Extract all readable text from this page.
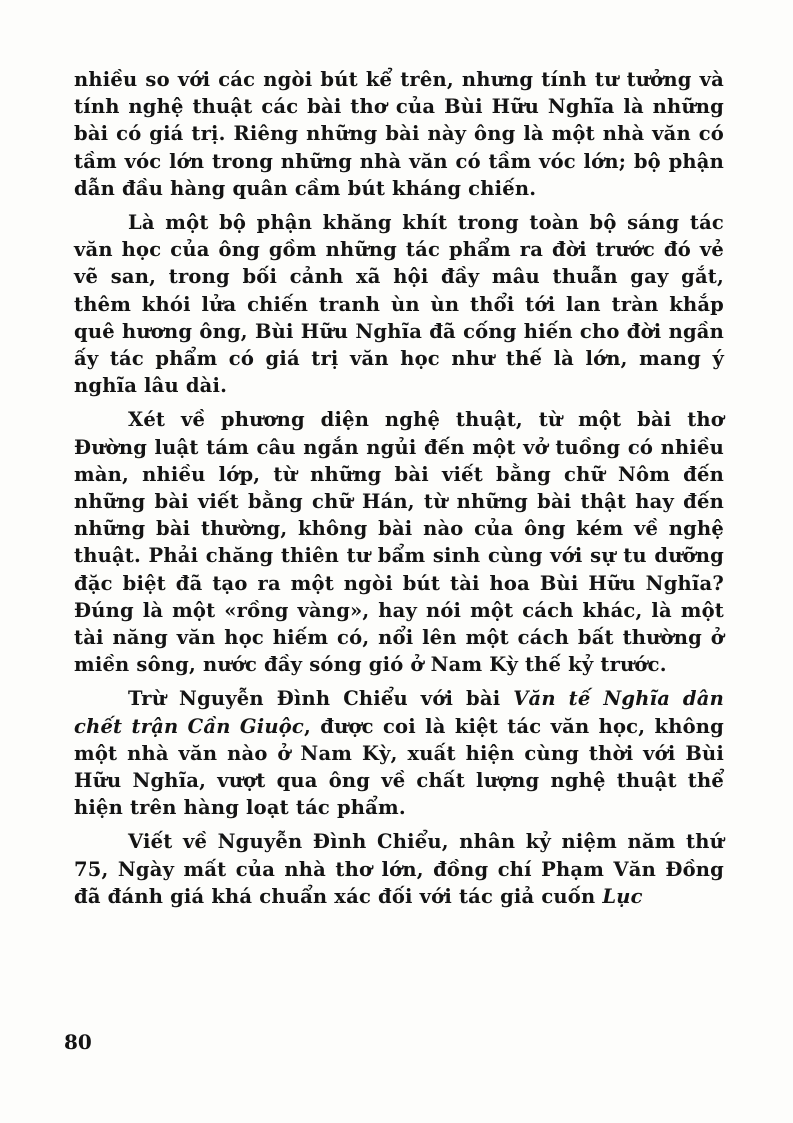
nhiều so với các ngòi bút kể trên, nhưng tính tư tưởng và tính nghệ thuật các bài thơ của Bùi Hữu Nghĩa là những bài có giá trị. Riêng những bài này ông là một nhà văn có tầm vóc lớn trong những nhà văn có tầm vóc lớn; bộ phận dẫn đầu hàng quân cầm bút kháng chiến.

Là một bộ phận khăng khít trong toàn bộ sáng tác văn học của ông gồm những tác phẩm ra đời trước đó vẻ vẽ san, trong bối cảnh xã hội đầy mâu thuẫn gay gắt, thêm khói lửa chiến tranh ùn ùn thổi tới lan tràn khắp quê hương ông, Bùi Hữu Nghĩa đã cống hiến cho đời ngần ấy tác phẩm có giá trị văn học như thế là lớn, mang ý nghĩa lâu dài.

Xét về phương diện nghệ thuật, từ một bài thơ Đường luật tám câu ngắn ngủi đến một vở tuồng có nhiều màn, nhiều lớp, từ những bài viết bằng chữ Nôm đến những bài viết bằng chữ Hán, từ những bài thật hay đến những bài thường, không bài nào của ông kém về nghệ thuật. Phải chăng thiên tư bẩm sinh cùng với sự tu dưỡng đặc biệt đã tạo ra một ngòi bút tài hoa Bùi Hữu Nghĩa? Đúng là một «rồng vàng», hay nói một cách khác, là một tài năng văn học hiếm có, nổi lên một cách bất thường ở miền sông, nước đầy sóng gió ở Nam Kỳ thế kỷ trước.

Trừ Nguyễn Đình Chiểu với bài Văn tế Nghĩa dân chết trận Cần Giuộc, được coi là kiệt tác văn học, không một nhà văn nào ở Nam Kỳ, xuất hiện cùng thời với Bùi Hữu Nghĩa, vượt qua ông về chất lượng nghệ thuật thể hiện trên hàng loạt tác phẩm.

Viết về Nguyễn Đình Chiểu, nhân kỷ niệm năm thứ 75, Ngày mất của nhà thơ lớn, đồng chí Phạm Văn Đồng đã đánh giá khá chuẩn xác đối với tác giả cuốn Lục

80
